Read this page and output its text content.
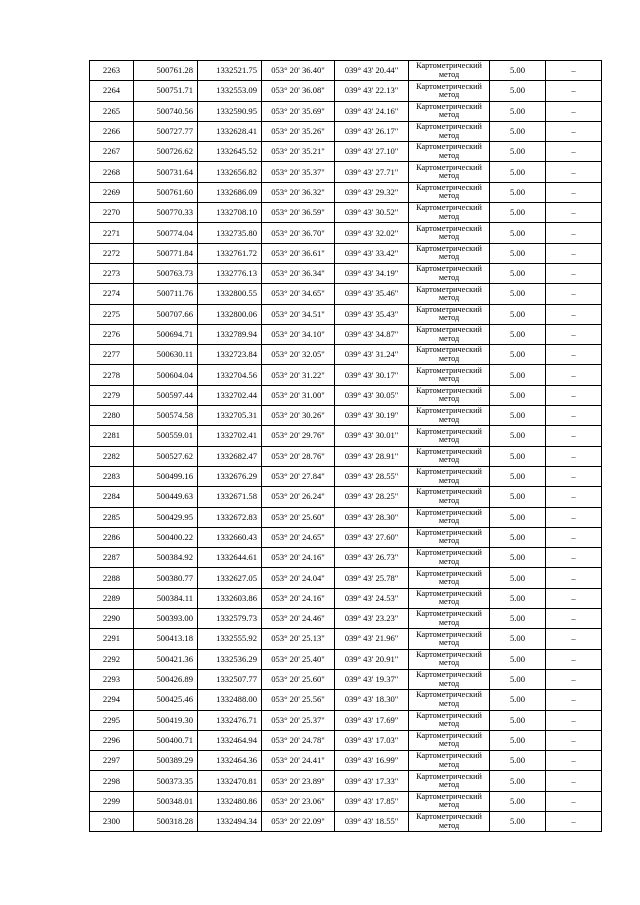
2263	500761.28	1332521.75	053° 20' 36.40"	039° 43' 20.44"	Картометрический метод	5.00	–
2264	500751.71	1332553.09	053° 20' 36.08"	039° 43' 22.13"	Картометрический метод	5.00	–
2265	500740.56	1332590.95	053° 20' 35.69"	039° 43' 24.16"	Картометрический метод	5.00	–
2266	500727.77	1332628.41	053° 20' 35.26"	039° 43' 26.17"	Картометрический метод	5.00	–
2267	500726.62	1332645.52	053° 20' 35.21"	039° 43' 27.10"	Картометрический метод	5.00	–
2268	500731.64	1332656.82	053° 20' 35.37"	039° 43' 27.71"	Картометрический метод	5.00	–
2269	500761.60	1332686.09	053° 20' 36.32"	039° 43' 29.32"	Картометрический метод	5.00	–
2270	500770.33	1332708.10	053° 20' 36.59"	039° 43' 30.52"	Картометрический метод	5.00	–
2271	500774.04	1332735.80	053° 20' 36.70"	039° 43' 32.02"	Картометрический метод	5.00	–
2272	500771.84	1332761.72	053° 20' 36.61"	039° 43' 33.42"	Картометрический метод	5.00	–
2273	500763.73	1332776.13	053° 20' 36.34"	039° 43' 34.19"	Картометрический метод	5.00	–
2274	500711.76	1332800.55	053° 20' 34.65"	039° 43' 35.46"	Картометрический метод	5.00	–
2275	500707.66	1332800.06	053° 20' 34.51"	039° 43' 35.43"	Картометрический метод	5.00	–
2276	500694.71	1332789.94	053° 20' 34.10"	039° 43' 34.87"	Картометрический метод	5.00	–
2277	500630.11	1332723.84	053° 20' 32.05"	039° 43' 31.24"	Картометрический метод	5.00	–
2278	500604.04	1332704.56	053° 20' 31.22"	039° 43' 30.17"	Картометрический метод	5.00	–
2279	500597.44	1332702.44	053° 20' 31.00"	039° 43' 30.05"	Картометрический метод	5.00	–
2280	500574.58	1332705.31	053° 20' 30.26"	039° 43' 30.19"	Картометрический метод	5.00	–
2281	500559.01	1332702.41	053° 20' 29.76"	039° 43' 30.01"	Картометрический метод	5.00	–
2282	500527.62	1332682.47	053° 20' 28.76"	039° 43' 28.91"	Картометрический метод	5.00	–
2283	500499.16	1332676.29	053° 20' 27.84"	039° 43' 28.55"	Картометрический метод	5.00	–
2284	500449.63	1332671.58	053° 20' 26.24"	039° 43' 28.25"	Картометрический метод	5.00	–
2285	500429.95	1332672.83	053° 20' 25.60"	039° 43' 28.30"	Картометрический метод	5.00	–
2286	500400.22	1332660.43	053° 20' 24.65"	039° 43' 27.60"	Картометрический метод	5.00	–
2287	500384.92	1332644.61	053° 20' 24.16"	039° 43' 26.73"	Картометрический метод	5.00	–
2288	500380.77	1332627.05	053° 20' 24.04"	039° 43' 25.78"	Картометрический метод	5.00	–
2289	500384.11	1332603.86	053° 20' 24.16"	039° 43' 24.53"	Картометрический метод	5.00	–
2290	500393.00	1332579.73	053° 20' 24.46"	039° 43' 23.23"	Картометрический метод	5.00	–
2291	500413.18	1332555.92	053° 20' 25.13"	039° 43' 21.96"	Картометрический метод	5.00	–
2292	500421.36	1332536.29	053° 20' 25.40"	039° 43' 20.91"	Картометрический метод	5.00	–
2293	500426.89	1332507.77	053° 20' 25.60"	039° 43' 19.37"	Картометрический метод	5.00	–
2294	500425.46	1332488.00	053° 20' 25.56"	039° 43' 18.30"	Картометрический метод	5.00	–
2295	500419.30	1332476.71	053° 20' 25.37"	039° 43' 17.69"	Картометрический метод	5.00	–
2296	500400.71	1332464.94	053° 20' 24.78"	039° 43' 17.03"	Картометрический метод	5.00	–
2297	500389.29	1332464.36	053° 20' 24.41"	039° 43' 16.99"	Картометрический метод	5.00	–
2298	500373.35	1332470.81	053° 20' 23.89"	039° 43' 17.33"	Картометрический метод	5.00	–
2299	500348.01	1332480.86	053° 20' 23.06"	039° 43' 17.85"	Картометрический метод	5.00	–
2300	500318.28	1332494.34	053° 20' 22.09"	039° 43' 18.55"	Картометрический метод	5.00	–
